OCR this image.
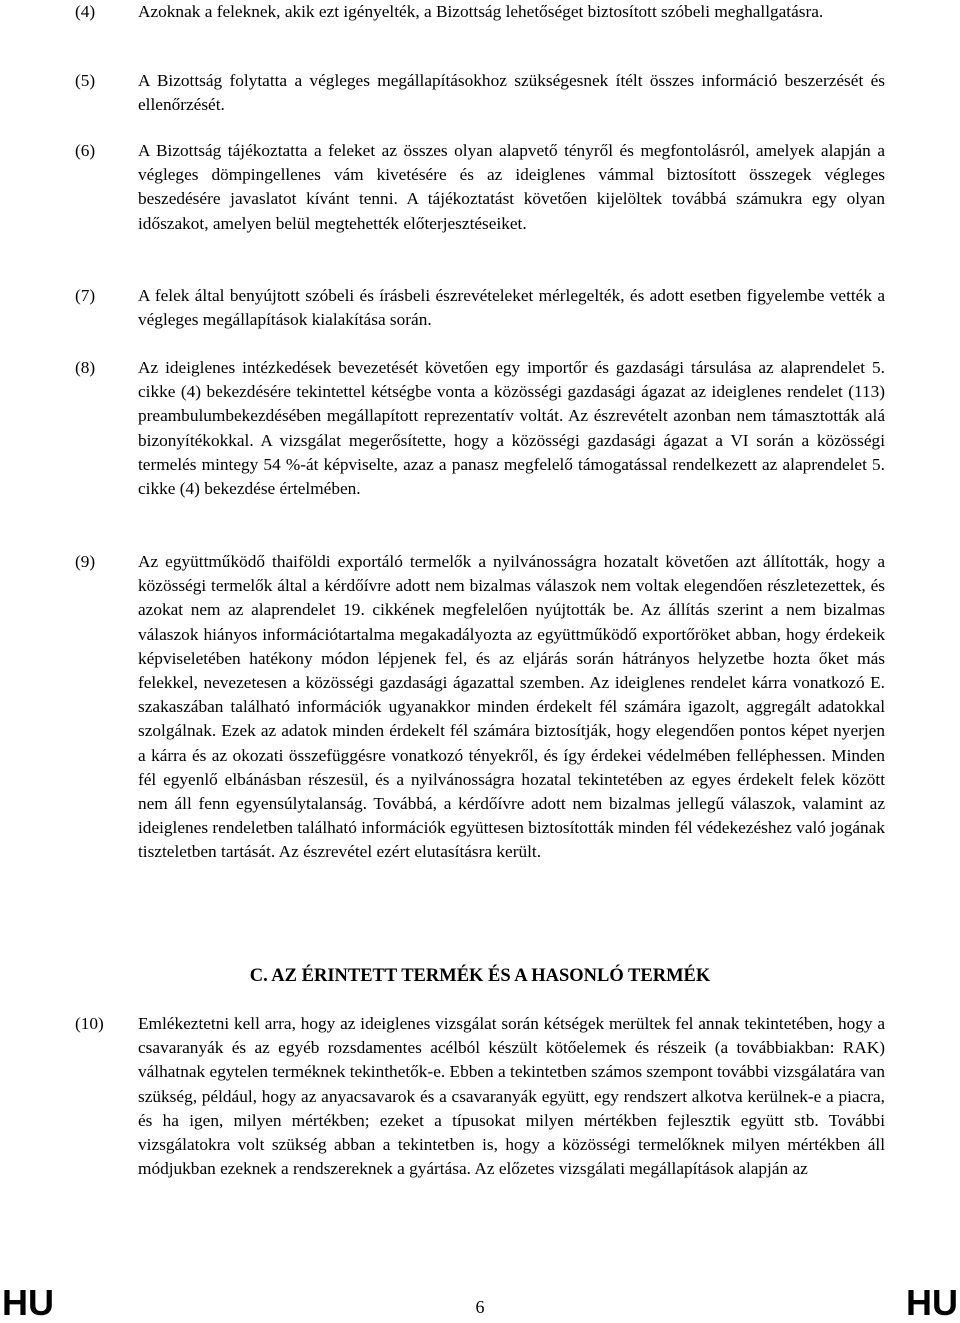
(4) Azoknak a feleknek, akik ezt igényelték, a Bizottság lehetőséget biztosított szóbeli meghallgatásra.
(5) A Bizottság folytatta a végleges megállapításokhoz szükségesnek ítélt összes információ beszerzését és ellenőrzését.
(6) A Bizottság tájékoztatta a feleket az összes olyan alapvető tényről és megfontolásról, amelyek alapján a végleges dömpingellenes vám kivetésére és az ideiglenes vámmal biztosított összegek végleges beszedésére javaslatot kívánt tenni. A tájékoztatást követően kijelöltek továbbá számukra egy olyan időszakot, amelyen belül megtehették előterjesztéseiket.
(7) A felek által benyújtott szóbeli és írásbeli észrevételeket mérlegelték, és adott esetben figyelembe vették a végleges megállapítások kialakítása során.
(8) Az ideiglenes intézkedések bevezetését követően egy importőr és gazdasági társulása az alaprendelet 5. cikke (4) bekezdésére tekintettel kétségbe vonta a közösségi gazdasági ágazat az ideiglenes rendelet (113) preambulumbekezdésében megállapított reprezentatív voltát. Az észrevételt azonban nem támasztották alá bizonyítékokkal. A vizsgálat megerősítette, hogy a közösségi gazdasági ágazat a VI során a közösségi termelés mintegy 54 %-át képviselte, azaz a panasz megfelelő támogatással rendelkezett az alaprendelet 5. cikke (4) bekezdése értelmében.
(9) Az együttműködő thaiföldi exportáló termelők a nyilvánosságra hozatalt követően azt állították, hogy a közösségi termelők által a kérdőívre adott nem bizalmas válaszok nem voltak elegendően részletezettek, és azokat nem az alaprendelet 19. cikkének megfelelően nyújtották be. Az állítás szerint a nem bizalmas válaszok hiányos információtartalma megakadályozta az együttműködő exportőröket abban, hogy érdekeik képviseletében hatékony módon lépjenek fel, és az eljárás során hátrányos helyzetbe hozta őket más felekkel, nevezetesen a közösségi gazdasági ágazattal szemben. Az ideiglenes rendelet kárra vonatkozó E. szakaszában található információk ugyanakkor minden érdekelt fél számára igazolt, aggregált adatokkal szolgálnak. Ezek az adatok minden érdekelt fél számára biztosítják, hogy elegendően pontos képet nyerjen a kárra és az okozati összefüggésre vonatkozó tényekről, és így érdekei védelmében felléphessen. Minden fél egyenlő elbánásban részesül, és a nyilvánosságra hozatal tekintetében az egyes érdekelt felek között nem áll fenn egyensúlytalanság. Továbbá, a kérdőívre adott nem bizalmas jellegű válaszok, valamint az ideiglenes rendeletben található információk együttesen biztosították minden fél védekezéshez való jogának tiszteletben tartását. Az észrevétel ezért elutasításra került.
C. AZ ÉRINTETT TERMÉK ÉS A HASONLÓ TERMÉK
(10) Emlékeztetni kell arra, hogy az ideiglenes vizsgálat során kétségek merültek fel annak tekintetében, hogy a csavaranyák és az egyéb rozsdamentes acélból készült kötőelemek és részeik (a továbbiakban: RAK) válhatnak egytelen terméknek tekinthetők-e. Ebben a tekintetben számos szempont további vizsgálatára van szükség, például, hogy az anyacsavarok és a csavaranyák együtt, egy rendszert alkotva kerülnek-e a piacra, és ha igen, milyen mértékben; ezeket a típusokat milyen mértékben fejlesztik együtt stb. További vizsgálatokra volt szükség abban a tekintetben is, hogy a közösségi termelőknek milyen mértékben áll módjukban ezeknek a rendszereknek a gyártása. Az előzetes vizsgálati megállapítások alapján az
HU	6	HU
